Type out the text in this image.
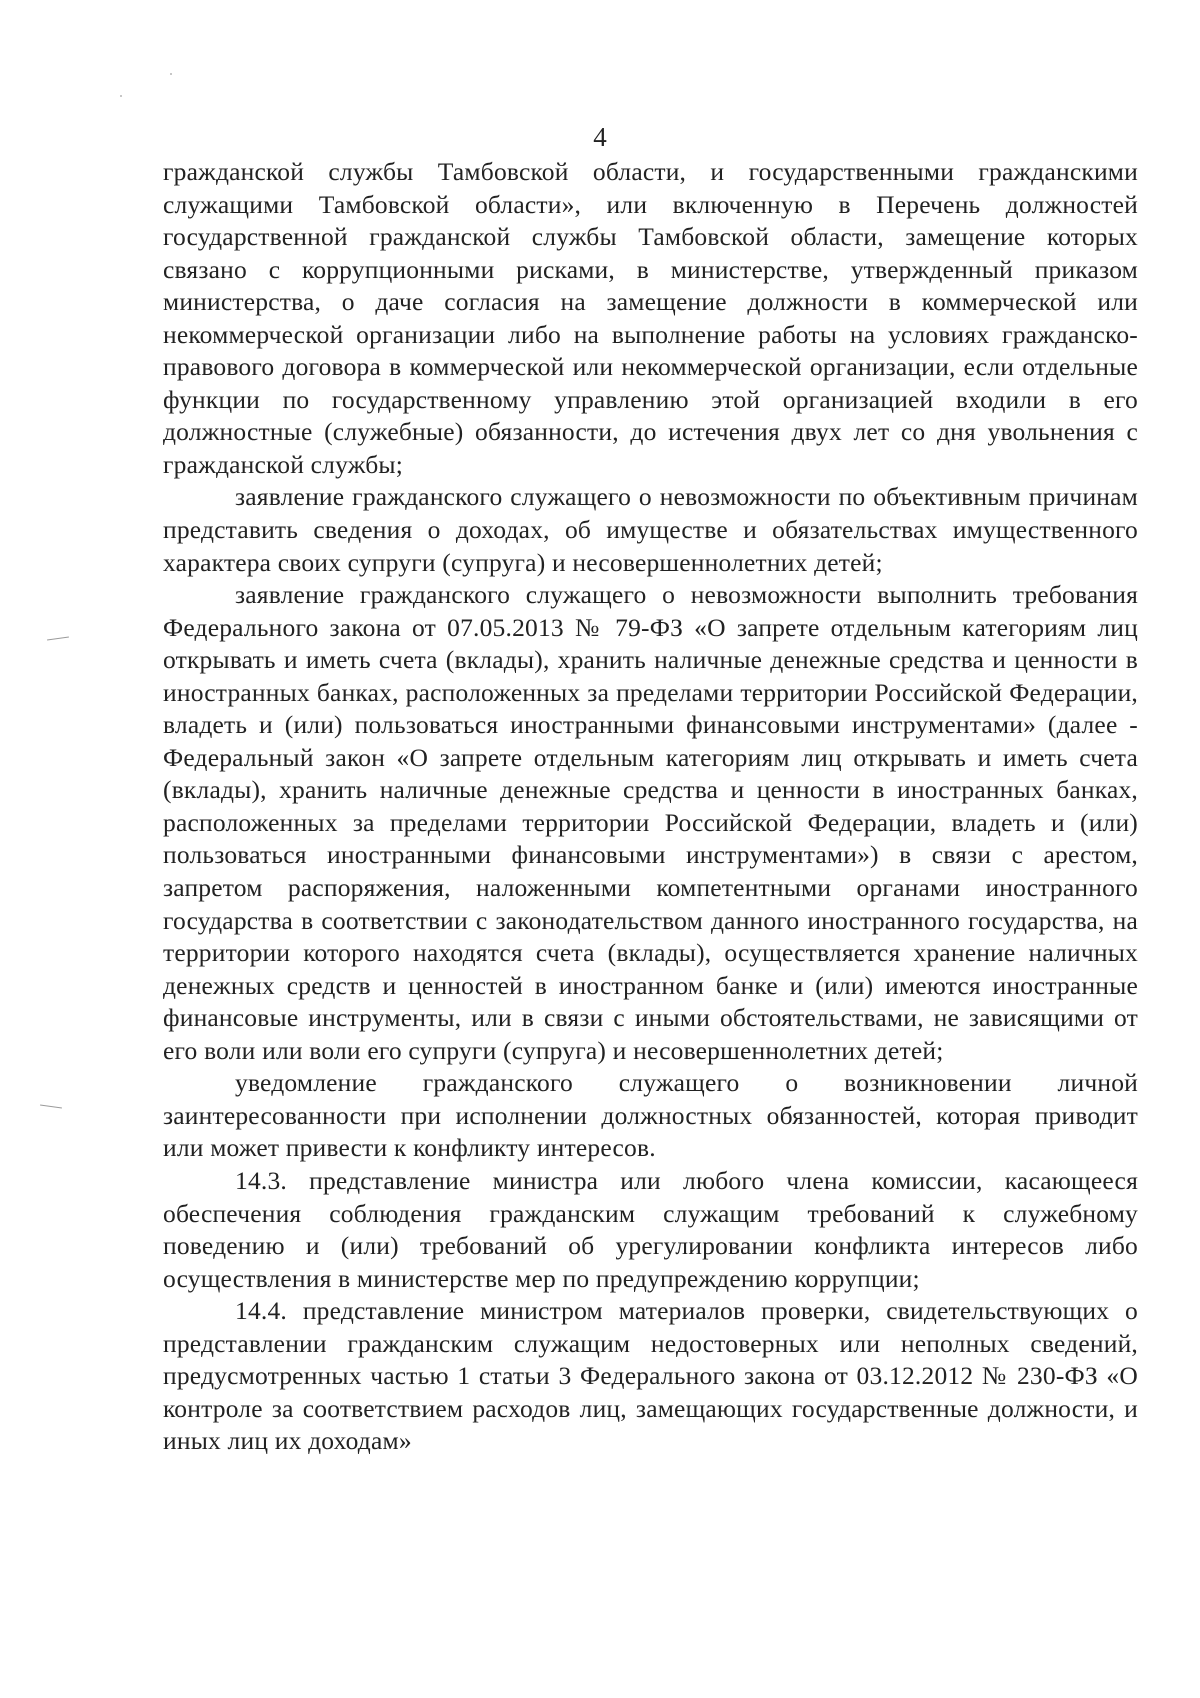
4

гражданской службы Тамбовской области, и государственными гражданскими служащими Тамбовской области», или включенную в Перечень должностей государственной гражданской службы Тамбовской области, замещение которых связано с коррупционными рисками, в министерстве, утвержденный приказом министерства, о даче согласия на замещение должности в коммерческой или некоммерческой организации либо на выполнение работы на условиях гражданско-правового договора в коммерческой или некоммерческой организации, если отдельные функции по государственному управлению этой организацией входили в его должностные (служебные) обязанности, до истечения двух лет со дня увольнения с гражданской службы;

заявление гражданского служащего о невозможности по объективным причинам представить сведения о доходах, об имуществе и обязательствах имущественного характера своих супруги (супруга) и несовершеннолетних детей;

заявление гражданского служащего о невозможности выполнить требования Федерального закона от 07.05.2013 № 79-ФЗ «О запрете отдельным категориям лиц открывать и иметь счета (вклады), хранить наличные денежные средства и ценности в иностранных банках, расположенных за пределами территории Российской Федерации, владеть и (или) пользоваться иностранными финансовыми инструментами» (далее - Федеральный закон «О запрете отдельным категориям лиц открывать и иметь счета (вклады), хранить наличные денежные средства и ценности в иностранных банках, расположенных за пределами территории Российской Федерации, владеть и (или) пользоваться иностранными финансовыми инструментами») в связи с арестом, запретом распоряжения, наложенными компетентными органами иностранного государства в соответствии с законодательством данного иностранного государства, на территории которого находятся счета (вклады), осуществляется хранение наличных денежных средств и ценностей в иностранном банке и (или) имеются иностранные финансовые инструменты, или в связи с иными обстоятельствами, не зависящими от его воли или воли его супруги (супруга) и несовершеннолетних детей;

уведомление гражданского служащего о возникновении личной заинтересованности при исполнении должностных обязанностей, которая приводит или может привести к конфликту интересов.

14.3. представление министра или любого члена комиссии, касающееся обеспечения соблюдения гражданским служащим требований к служебному поведению и (или) требований об урегулировании конфликта интересов либо осуществления в министерстве мер по предупреждению коррупции;

14.4. представление министром материалов проверки, свидетельствующих о представлении гражданским служащим недостоверных или неполных сведений, предусмотренных частью 1 статьи 3 Федерального закона от 03.12.2012 № 230-ФЗ «О контроле за соответствием расходов лиц, замещающих государственные должности, и иных лиц их доходам»
